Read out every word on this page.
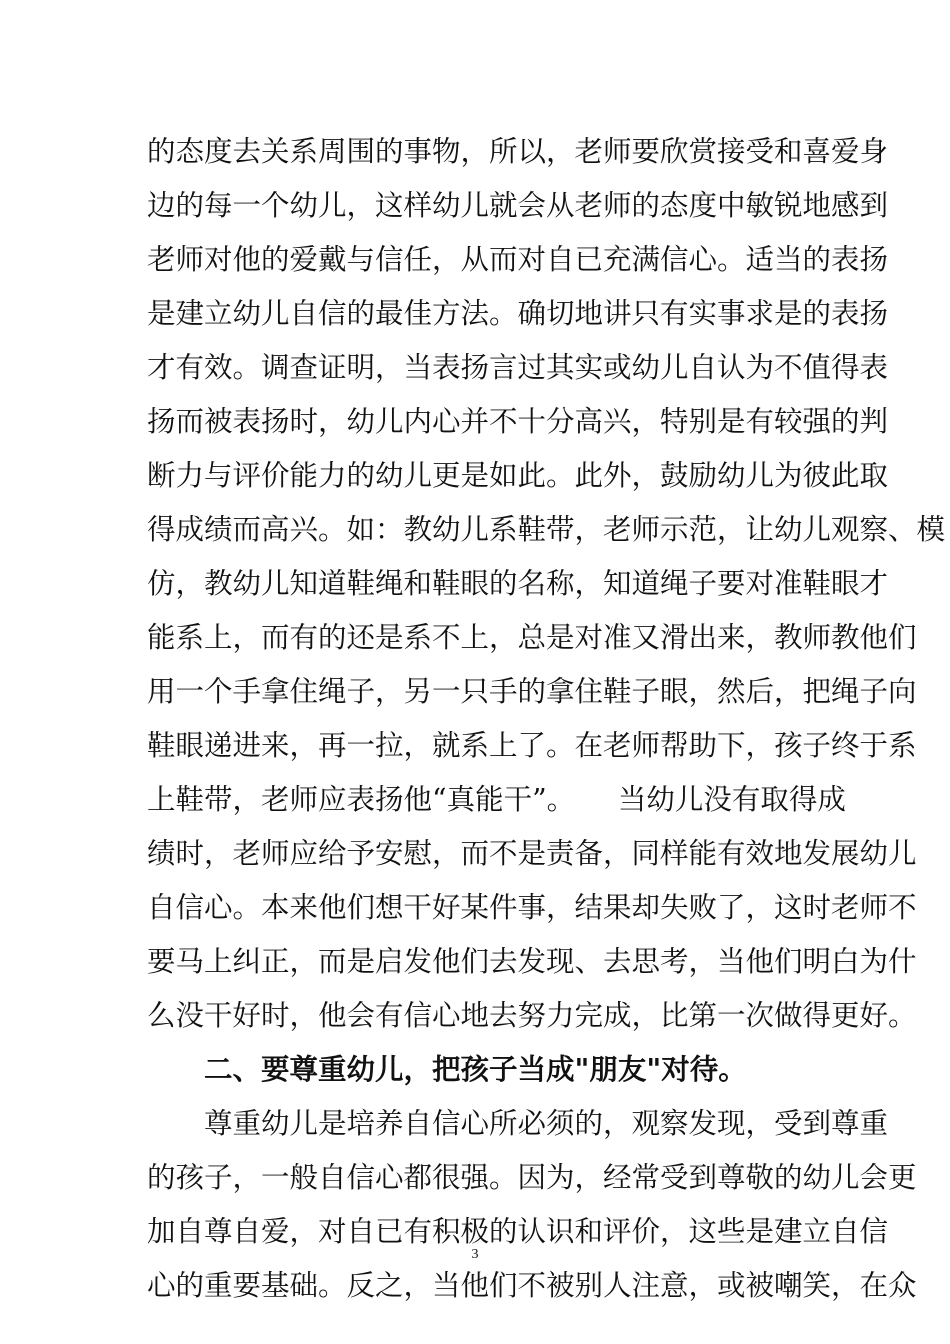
的态度去关系周围的事物，所以，老师要欣赏接受和喜爱身
边的每一个幼儿，这样幼儿就会从老师的态度中敏锐地感到
老师对他的爱戴与信任，从而对自已充满信心。适当的表扬
是建立幼儿自信的最佳方法。确切地讲只有实事求是的表扬
才有效。调查证明，当表扬言过其实或幼儿自认为不值得表
扬而被表扬时，幼儿内心并不十分高兴，特别是有较强的判
断力与评价能力的幼儿更是如此。此外，鼓励幼儿为彼此取
得成绩而高兴。如：教幼儿系鞋带，老师示范，让幼儿观察、模
仿，教幼儿知道鞋绳和鞋眼的名称，知道绳子要对准鞋眼才
能系上，而有的还是系不上，总是对准又滑出来，教师教他们
用一个手拿住绳子，另一只手的拿住鞋子眼，然后，把绳子向
鞋眼递进来，再一拉，就系上了。在老师帮助下，孩子终于系
上鞋带，老师应表扬他“真能干”。　　当幼儿没有取得成
绩时，老师应给予安慰，而不是责备，同样能有效地发展幼儿
自信心。本来他们想干好某件事，结果却失败了，这时老师不
要马上纠正，而是启发他们去发现、去思考，当他们明白为什
么没干好时，他会有信心地去努力完成，比第一次做得更好。
二、要尊重幼儿，把孩子当成"朋友"对待。
尊重幼儿是培养自信心所必须的，观察发现，受到尊重
的孩子，一般自信心都很强。因为，经常受到尊敬的幼儿会更
加自尊自爱，对自已有积极的认识和评价，这些是建立自信
心的重要基础。反之，当他们不被别人注意，或被嘲笑，在众
3
